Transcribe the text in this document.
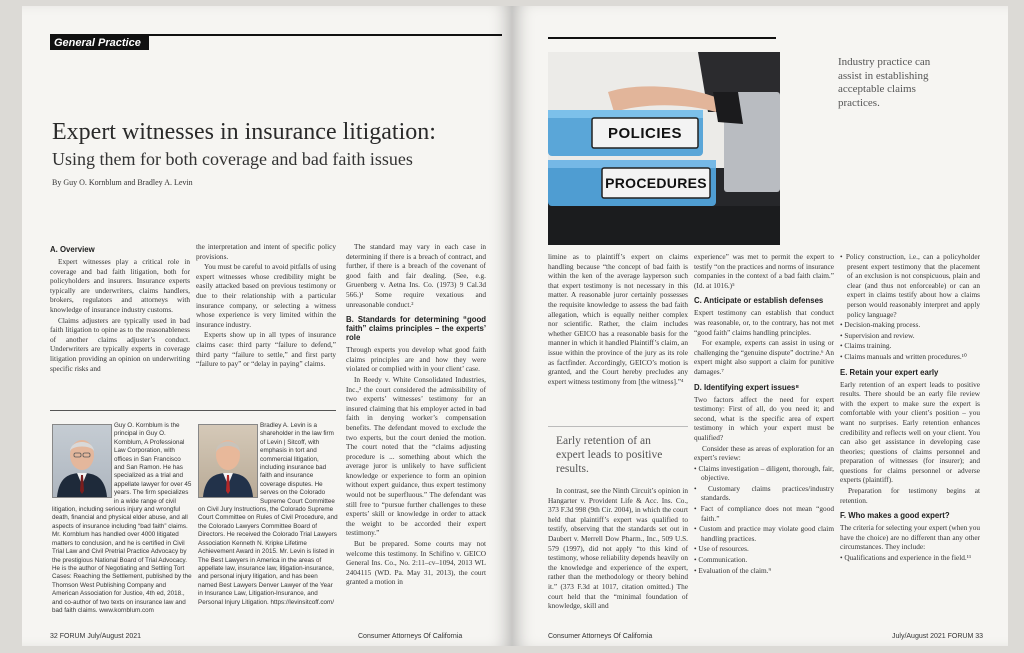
General Practice
Expert witnesses in insurance litigation:
Using them for both coverage and bad faith issues
By Guy O. Kornblum and Bradley A. Levin
A. Overview

Expert witnesses play a critical role in coverage and bad faith litigation, both for policyholders and insurers. Insurance experts typically are underwriters, claims handlers, brokers, regulators and attorneys with knowledge of insurance industry customs.

Claims adjusters are typically used in bad faith litigation to opine as to the reasonableness of another claims adjuster’s conduct. Underwriters are typically experts in coverage litigation providing an opinion on underwriting specific risks and

the interpretation and intent of specific policy provisions.

You must be careful to avoid pitfalls of using expert witnesses whose credibility might be easily attacked based on previous testimony or due to their relationship with a particular insurance company, or selecting a witness whose experience is very limited within the insurance industry.

Experts show up in all types of insurance claims case: third party “failure to defend,” third party “failure to settle,” and first party “failure to pay” or “delay in paying” claims.

The standard may vary in each case in determining if there is a breach of contract, and further, if there is a breach of the covenant of good faith and fair dealing. (See, e.g. Gruenberg v. Aetna Ins. Co. (1973) 9 Cal.3d 566.)¹ Some require vexatious and unreasonable conduct.²

B. Standards for determining “good faith” claims principles – the experts’ role

Through experts you develop what good faith claims principles are and how they were violated or complied with in your client’ case.

In Reedy v. White Consolidated Industries, Inc.,³ the court considered the admissibility of two experts’ witnesses’ testimony for an insured claiming that his employer acted in bad faith in denying worker’s compensation benefits. The defendant moved to exclude the two experts, but the court denied the motion. The court noted that the “claims adjusting procedure is ... something about which the average juror is unlikely to have sufficient knowledge or experience to form an opinion without expert guidance, thus expert testimony would not be superfluous.” The defendant was still free to “pursue further challenges to these experts’ skill or knowledge in order to attack the weight to be accorded their expert testimony.”

But be prepared. Some courts may not welcome this testimony. In Schifino v. GEICO General Ins. Co., No. 2:11–cv–1094, 2013 WL 2404115 (WD. Pa. May 31, 2013), the court granted a motion in

Guy O. Kornblum is the principal in Guy O. Kornblum, A Professional Law Corporation, with offices in San Francisco and San Ramon. He has specialized as a trial and appellate lawyer for over 45 years. The firm specializes in a wide range of civil litigation, including serious injury and wrongful death, financial and physical elder abuse, and all aspects of insurance including “bad faith” claims. Mr. Kornblum has handled over 4000 litigated matters to conclusion, and he is certified in Civil Trial Law and Civil Pretrial Practice Advocacy by the prestigious National Board of Trial Advocacy. He is the author of Negotiating and Settling Tort Cases: Reaching the Settlement, published by the Thomson West Publishing Company and American Association for Justice, 4th ed, 2018., and co-author of two texts on insurance law and bad faith claims. www.kornblum.com
Bradley A. Levin is a shareholder in the law firm of Levin | Sitcoff, with emphasis in tort and commercial litigation, including insurance bad faith and insurance coverage disputes. He serves on the Colorado Supreme Court Committee on Civil Jury Instructions, the Colorado Supreme Court Committee on Rules of Civil Procedure, and the Colorado Lawyers Committee Board of Directors. He received the Colorado Trial Lawyers Association Kenneth N. Kripke Lifetime Achievement Award in 2015. Mr. Levin is listed in The Best Lawyers in America in the areas of appellate law, insurance law, litigation-insurance, and personal injury litigation, and has been named Best Lawyers Denver Lawyer of the Year in Insurance Law, Litigation-Insurance, and Personal Injury Litigation. https://levinsitcoff.com/
32 FORUM July/August 2021	Consumer Attorneys Of California
POLICIES
PROCEDURES
Industry practice can assist in establishing acceptable claims practices.

limine as to plaintiff’s expert on claims handling because “the concept of bad faith is within the ken of the average layperson such that expert testimony is not necessary in this matter. A reasonable juror certainly possesses the requisite knowledge to assess the bad faith allegation, which is equally neither complex nor scientific. Rather, the claim includes whether GEICO has a reasonable basis for the manner in which it handled Plaintiff’s claim, an issue within the province of the jury as its role as factfinder. Accordingly, GEICO’s motion is granted, and the Court hereby precludes any expert witness testimony from [the witness].”⁴

Early retention of an expert leads to positive results.

In contrast, see the Ninth Circuit’s opinion in Hangarter v. Provident Life & Acc. Ins. Co., 373 F.3d 998 (9th Cir. 2004), in which the court held that plaintiff’s expert was qualified to testify, observing that the standards set out in Daubert v. Merrell Dow Pharm., Inc., 509 U.S. 579 (1997), did not apply “to this kind of testimony, whose reliability depends heavily on the knowledge and experience of the expert, rather than the methodology or theory behind it.” (373 F.3d at 1017, citation omitted.) The court held that the “minimal foundation of knowledge, skill and

experience” was met to permit the expert to testify “on the practices and norms of insurance companies in the context of a bad faith claim.” (Id. at 1016.)⁵

C. Anticipate or establish defenses

Expert testimony can establish that conduct was reasonable, or, to the contrary, has not met “good faith” claims handling principles.

For example, experts can assist in using or challenging the “genuine dispute” doctrine.⁶ An expert might also support a claim for punitive damages.⁷

D. Identifying expert issues⁸

Two factors affect the need for expert testimony: First of all, do you need it; and second, what is the specific area of expert testimony in which your expert must be qualified?

Consider these as areas of exploration for an expert’s review:

• Claims investigation – diligent, thorough, fair, objective.
• Customary claims practices/industry standards.
• Fact of compliance does not mean “good faith.”
• Custom and practice may violate good claim handling practices.
• Use of resources.
• Communication.
• Evaluation of the claim.⁹
• Policy construction, i.e., can a policyholder present expert testimony that the placement of an exclusion is not conspicuous, plain and clear (and thus not enforceable) or can an expert in claims testify about how a claims person would reasonably interpret and apply policy language?
• Decision-making process.
• Supervision and review.
• Claims training.
• Claims manuals and written procedures.¹⁰
E. Retain your expert early

Early retention of an expert leads to positive results. There should be an early file review with the expert to make sure the expert is comfortable with your client’s position – you want no surprises. Early retention enhances credibility and reflects well on your client. You can also get assistance in developing case theories; questions of claims personnel and preparation of witnesses (for insurer); and questions for claims personnel or adverse experts (plaintiff).

Preparation for testimony begins at retention.

F. Who makes a good expert?

The criteria for selecting your expert (when you have the choice) are no different than any other circumstances. They include:

• Qualifications and experience in the field.¹¹
Consumer Attorneys Of California	July/August 2021 FORUM 33
